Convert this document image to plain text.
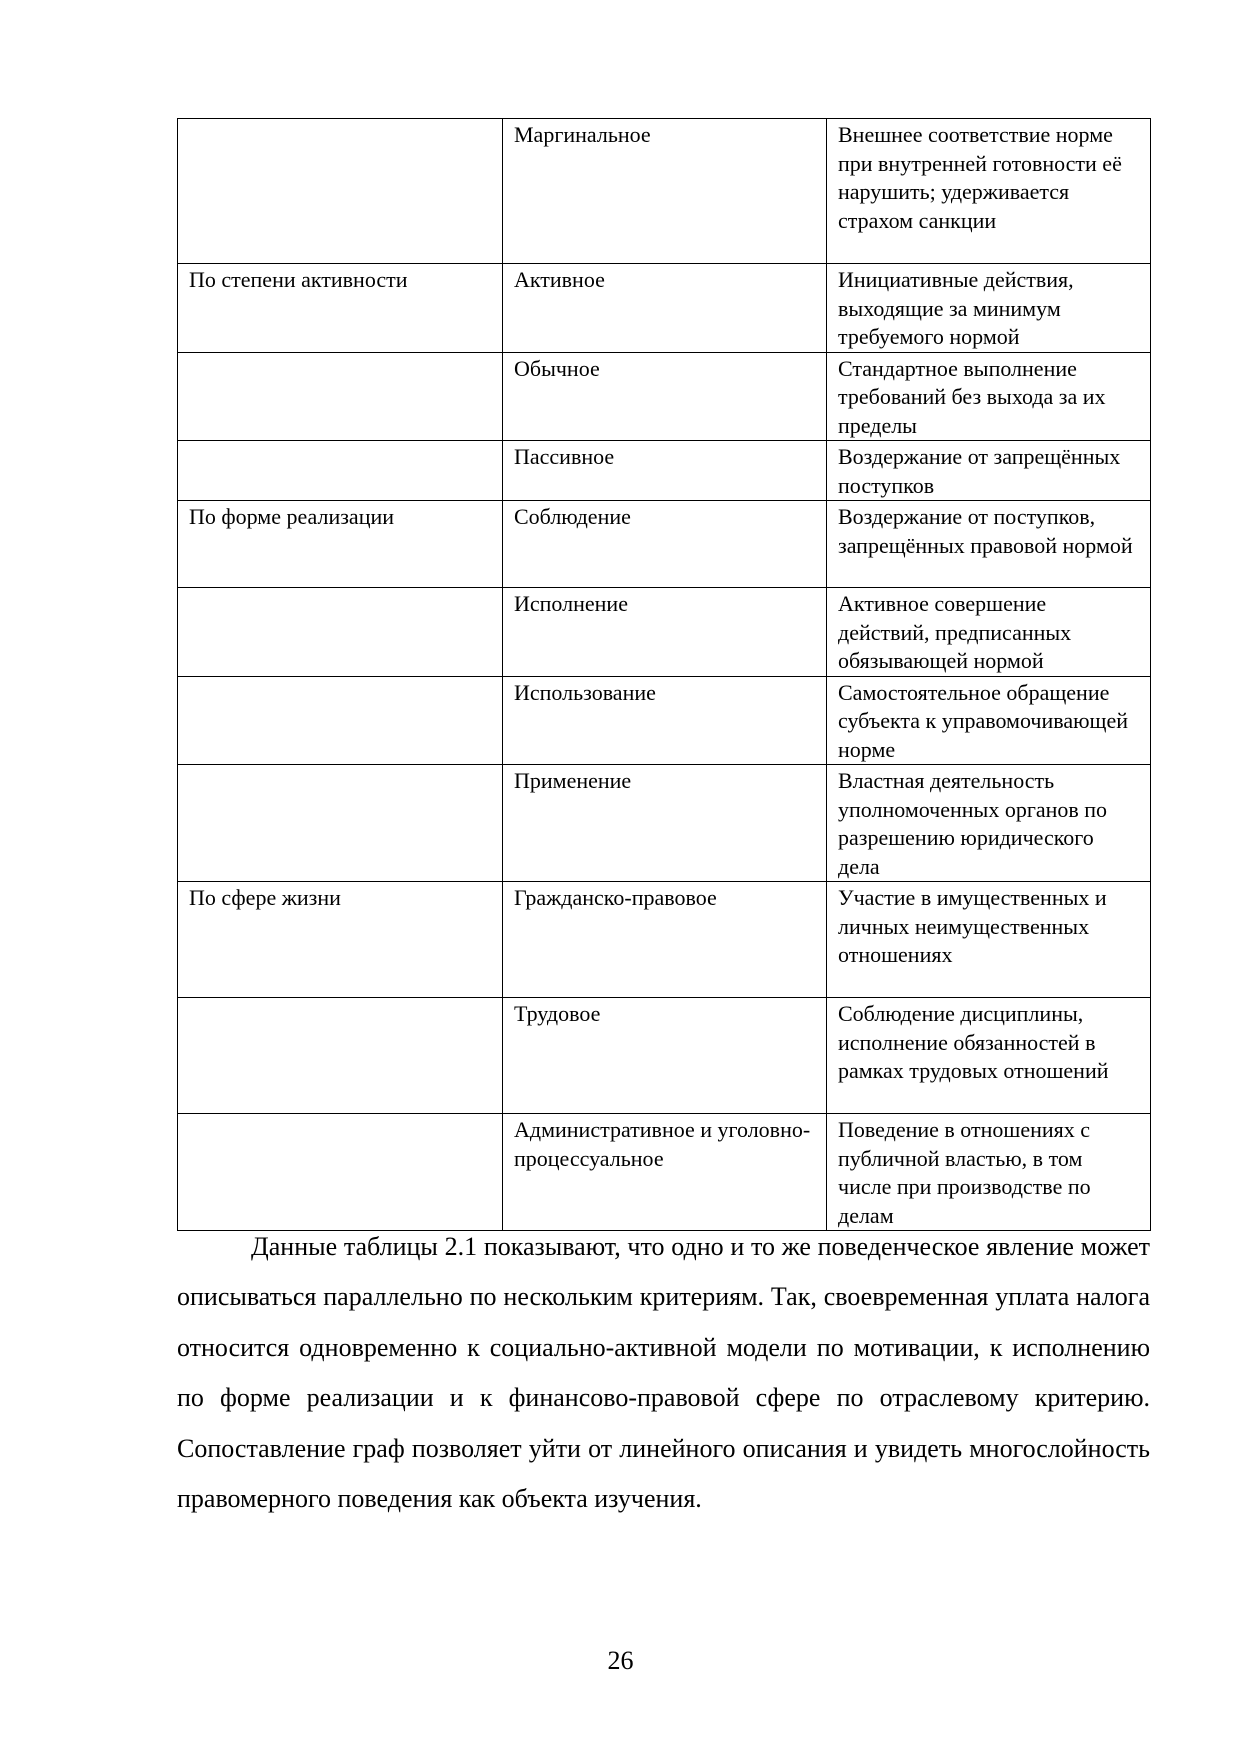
	Маргинальное	Внешнее соответствие норме при внутренней готовности её нарушить; удерживается страхом санкции
По степени активности	Активное	Инициативные действия, выходящие за минимум требуемого нормой
	Обычное	Стандартное выполнение требований без выхода за их пределы
	Пассивное	Воздержание от запрещённых поступков
По форме реализации	Соблюдение	Воздержание от поступков, запрещённых правовой нормой
	Исполнение	Активное совершение действий, предписанных обязывающей нормой
	Использование	Самостоятельное обращение субъекта к управомочивающей норме
	Применение	Властная деятельность уполномоченных органов по разрешению юридического дела
По сфере жизни	Гражданско-правовое	Участие в имущественных и личных неимущественных отношениях
	Трудовое	Соблюдение дисциплины, исполнение обязанностей в рамках трудовых отношений
	Административное и уголовно-процессуальное	Поведение в отношениях с публичной властью, в том числе при производстве по делам

Данные таблицы 2.1 показывают, что одно и то же поведенческое явление может описываться параллельно по нескольким критериям. Так, своевременная уплата налога относится одновременно к социально-активной модели по мотивации, к исполнению по форме реализации и к финансово-правовой сфере по отраслевому критерию. Сопоставление граф позволяет уйти от линейного описания и увидеть многослойность правомерного поведения как объекта изучения.

26
